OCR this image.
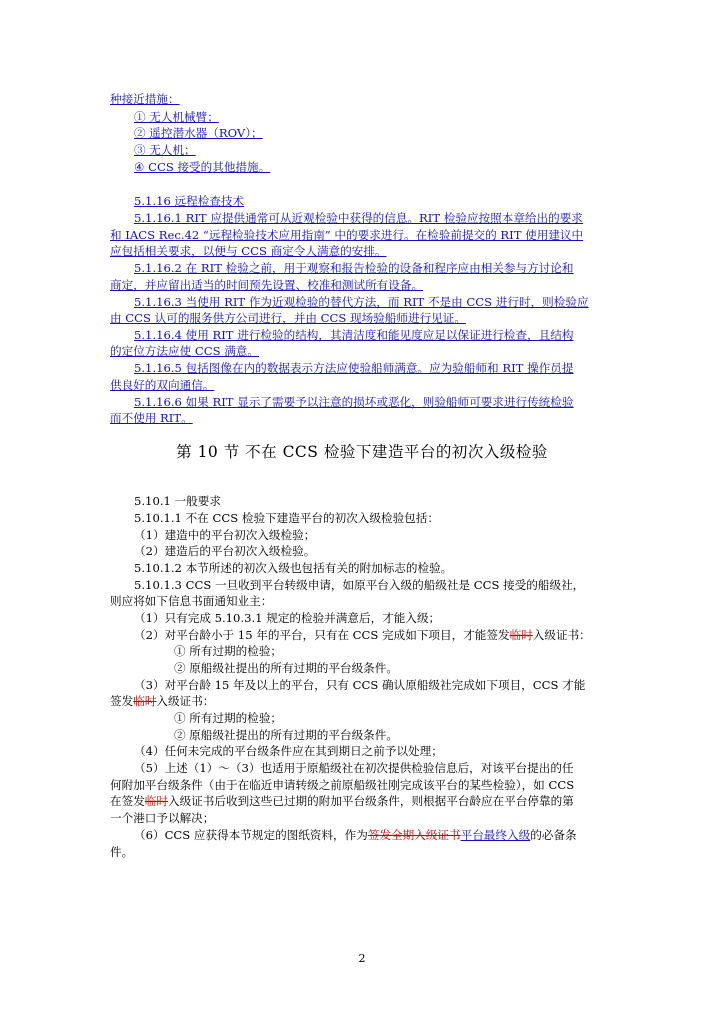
种接近措施：
① 无人机械臂；
② 遥控潜水器（ROV）；
③ 无人机；
④ CCS 接受的其他措施。
5.1.16 远程检查技术
5.1.16.1 RIT 应提供通常可从近观检验中获得的信息。RIT 检验应按照本章给出的要求
和 IACS Rec.42 “远程检验技术应用指南” 中的要求进行。在检验前提交的 RIT 使用建议中
应包括相关要求，以便与 CCS 商定令人满意的安排。
5.1.16.2 在 RIT 检验之前，用于观察和报告检验的设备和程序应由相关参与方讨论和
商定，并应留出适当的时间预先设置、校准和测试所有设备。
5.1.16.3 当使用 RIT 作为近观检验的替代方法，而 RIT 不是由 CCS 进行时，则检验应
由 CCS 认可的服务供方公司进行，并由 CCS 现场验船师进行见证。
5.1.16.4 使用 RIT 进行检验的结构，其清洁度和能见度应足以保证进行检查，且结构
的定位方法应使 CCS 满意。
5.1.16.5 包括图像在内的数据表示方法应使验船师满意。应为验船师和 RIT 操作员提
供良好的双向通信。
5.1.16.6 如果 RIT 显示了需要予以注意的损坏或恶化，则验船师可要求进行传统检验
而不使用 RIT。
第 10 节 不在 CCS 检验下建造平台的初次入级检验
5.10.1 一般要求
5.10.1.1 不在 CCS 检验下建造平台的初次入级检验包括：
（1）建造中的平台初次入级检验；
（2）建造后的平台初次入级检验。
5.10.1.2 本节所述的初次入级也包括有关的附加标志的检验。
5.10.1.3 CCS 一旦收到平台转级申请，如原平台入级的船级社是 CCS 接受的船级社，
则应将如下信息书面通知业主：
（1）只有完成 5.10.3.1 规定的检验并满意后，才能入级；
（2）对平台龄小于 15 年的平台，只有在 CCS 完成如下项目，才能签发临时入级证书：
① 所有过期的检验；
② 原船级社提出的所有过期的平台级条件。
（3）对平台龄 15 年及以上的平台，只有 CCS 确认原船级社完成如下项目，CCS 才能
签发临时入级证书：
① 所有过期的检验；
② 原船级社提出的所有过期的平台级条件。
（4）任何未完成的平台级条件应在其到期日之前予以处理；
（5）上述（1）～（3）也适用于原船级社在初次提供检验信息后，对该平台提出的任
何附加平台级条件（由于在临近申请转级之前原船级社刚完成该平台的某些检验），如 CCS
在签发临时入级证书后收到这些已过期的附加平台级条件，则根据平台龄应在平台停靠的第
一个港口予以解决；
（6）CCS 应获得本节规定的图纸资料，作为签发全期入级证书平台最终入级的必备条
件。
2
